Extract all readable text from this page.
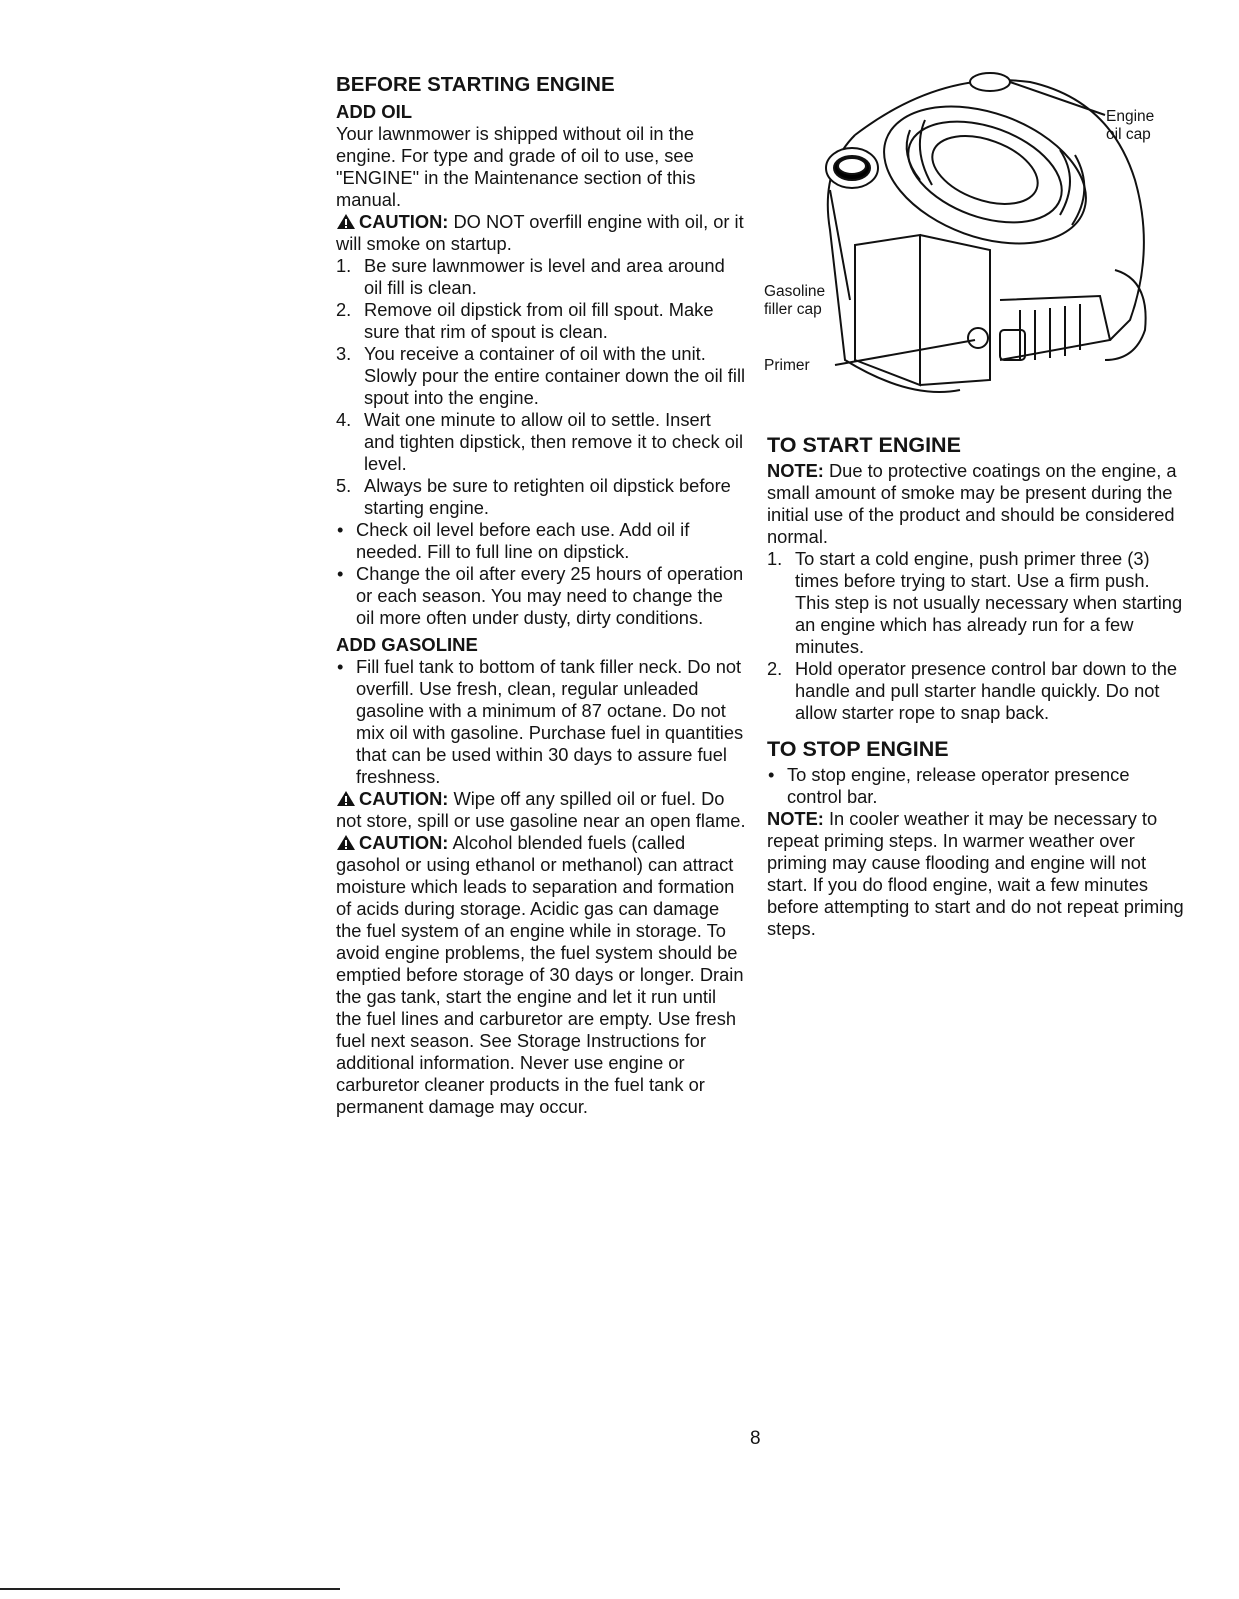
BEFORE STARTING ENGINE
ADD OIL

Your lawnmower is shipped without oil in the engine. For type and grade of oil to use, see "ENGINE" in the Maintenance section of this manual.

CAUTION: DO NOT overfill engine with oil, or it will smoke on startup.

1. Be sure lawnmower is level and area around oil fill is clean.
2. Remove oil dipstick from oil fill spout. Make sure that rim of spout is clean.
3. You receive a container of oil with the unit. Slowly pour the entire container down the oil fill spout into the engine.
4. Wait one minute to allow oil to settle. Insert and tighten dipstick, then remove it to check oil level.
5. Always be sure to retighten oil dipstick before starting engine.
• Check oil level before each use. Add oil if needed. Fill to full line on dipstick.
• Change the oil after every 25 hours of operation or each season. You may need to change the oil more often under dusty, dirty conditions.
ADD GASOLINE
• Fill fuel tank to bottom of tank filler neck. Do not overfill. Use fresh, clean, regular unleaded gasoline with a minimum of 87 octane. Do not mix oil with gasoline. Purchase fuel in quantities that can be used within 30 days to assure fuel freshness.

CAUTION: Wipe off any spilled oil or fuel. Do not store, spill or use gasoline near an open flame.

CAUTION: Alcohol blended fuels (called gasohol or using ethanol or methanol) can attract moisture which leads to separation and formation of acids during storage. Acidic gas can damage the fuel system of an engine while in storage. To avoid engine problems, the fuel system should be emptied before storage of 30 days or longer. Drain the gas tank, start the engine and let it run until the fuel lines and carburetor are empty. Use fresh fuel next season. See Storage Instructions for additional information. Never use engine or carburetor cleaner products in the fuel tank or permanent damage may occur.

Engine
oil cap
Gasoline
filler cap
Primer
TO START ENGINE

NOTE: Due to protective coatings on the engine, a small amount of smoke may be present during the initial use of the product and should be considered normal.

1. To start a cold engine, push primer three (3) times before trying to start. Use a firm push. This step is not usually necessary when starting an engine which has already run for a few minutes.
2. Hold operator presence control bar down to the handle and pull starter handle quickly. Do not allow starter rope to snap back.
TO STOP ENGINE
• To stop engine, release operator presence control bar.

NOTE: In cooler weather it may be necessary to repeat priming steps. In warmer weather over priming may cause flooding and engine will not start. If you do flood engine, wait a few minutes before attempting to start and do not repeat priming steps.

8
